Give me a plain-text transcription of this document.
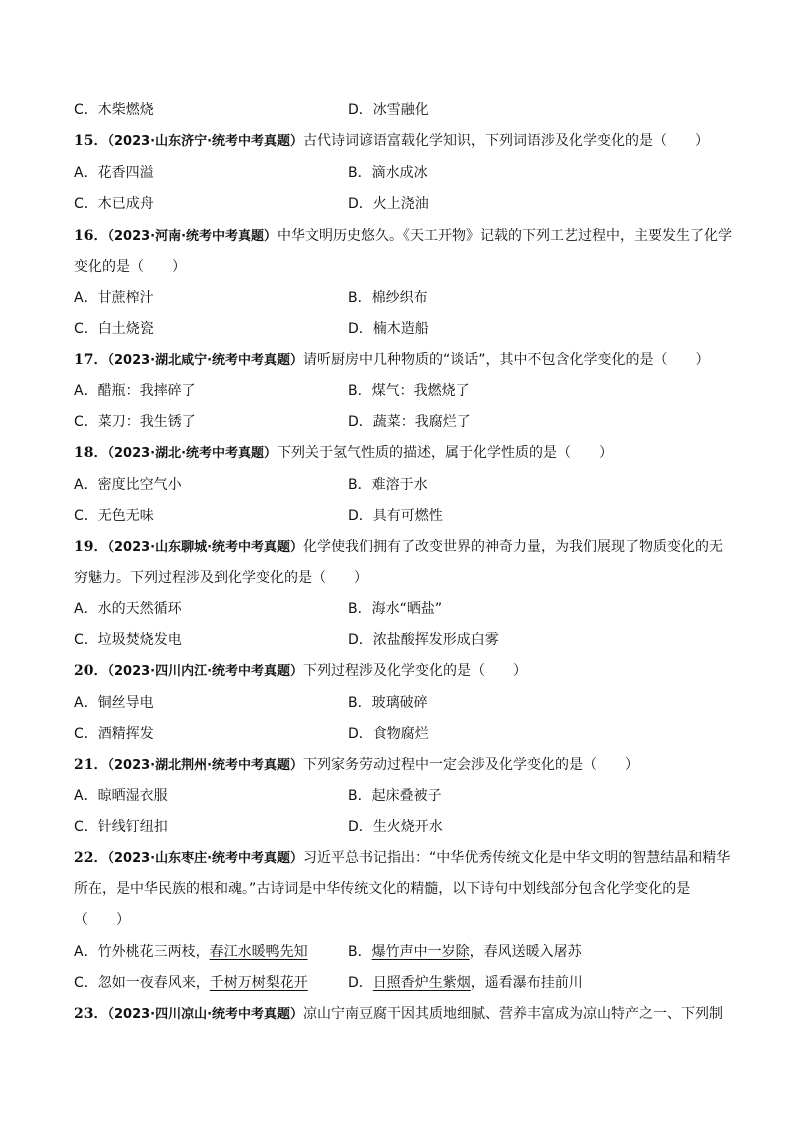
C．木柴燃烧	D．冰雪融化
15．（2023·山东济宁·统考中考真题）古代诗词谚语富载化学知识，下列词语涉及化学变化的是（　　）
A．花香四溢	B．滴水成冰
C．木已成舟	D．火上浇油
16．（2023·河南·统考中考真题）中华文明历史悠久。《天工开物》记载的下列工艺过程中，主要发生了化学
变化的是（　　）
A．甘蔗榨汁	B．棉纱织布
C．白土烧瓷	D．楠木造船
17．（2023·湖北咸宁·统考中考真题）请听厨房中几种物质的“谈话”，其中不包含化学变化的是（　　）
A．醋瓶：我摔碎了	B．煤气：我燃烧了
C．菜刀：我生锈了	D．蔬菜：我腐烂了
18．（2023·湖北·统考中考真题）下列关于氢气性质的描述，属于化学性质的是（　　）
A．密度比空气小	B．难溶于水
C．无色无味	D．具有可燃性
19．（2023·山东聊城·统考中考真题）化学使我们拥有了改变世界的神奇力量，为我们展现了物质变化的无
穷魅力。下列过程涉及到化学变化的是（　　）
A．水的天然循环	B．海水“晒盐”
C．垃圾焚烧发电	D．浓盐酸挥发形成白雾
20．（2023·四川内江·统考中考真题）下列过程涉及化学变化的是（　　）
A．铜丝导电	B．玻璃破碎
C．酒精挥发	D．食物腐烂
21．（2023·湖北荆州·统考中考真题）下列家务劳动过程中一定会涉及化学变化的是（　　）
A．晾晒湿衣服	B．起床叠被子
C．针线钉纽扣	D．生火烧开水
22．（2023·山东枣庄·统考中考真题）习近平总书记指出：“中华优秀传统文化是中华文明的智慧结晶和精华
所在，是中华民族的根和魂。”古诗词是中华传统文化的精髓，以下诗句中划线部分包含化学变化的是
（　　）
A．竹外桃花三两枝，春江水暖鸭先知	B．爆竹声中一岁除，春风送暖入屠苏
C．忽如一夜春风来，千树万树梨花开	D．日照香炉生紫烟，遥看瀑布挂前川
23．（2023·四川凉山·统考中考真题）凉山宁南豆腐干因其质地细腻、营养丰富成为凉山特产之一、下列制
